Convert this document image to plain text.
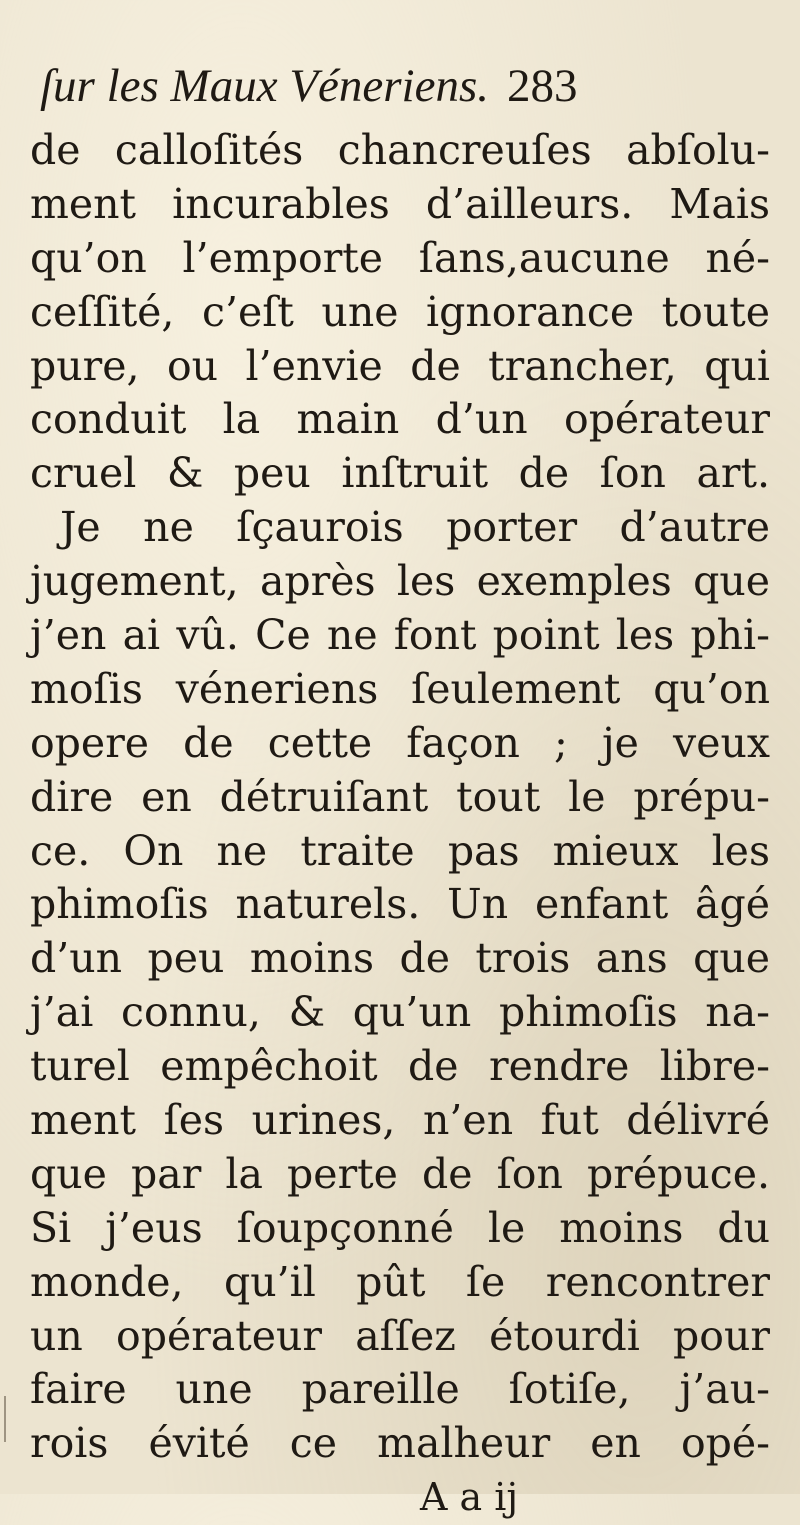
ſur les Maux Véneriens. 283
de calloſités chancreuſes abſolu-
ment incurables d’ailleurs. Mais
qu’on l’emporte ſans,aucune né-
ceſſité, c’eſt une ignorance toute
pure, ou l’envie de trancher, qui
conduit la main d’un opérateur
cruel & peu inſtruit de ſon art.
Je ne ſçaurois porter d’autre
jugement, après les exemples que
j’en ai vû. Ce ne font point les phi-
moſis véneriens ſeulement qu’on
opere de cette façon ; je veux
dire en détruiſant tout le prépu-
ce. On ne traite pas mieux les
phimoſis naturels. Un enfant âgé
d’un peu moins de trois ans que
j’ai connu, & qu’un phimoſis na-
turel empêchoit de rendre libre-
ment ſes urines, n’en fut délivré
que par la perte de ſon prépuce.
Si j’eus ſoupçonné le moins du
monde, qu’il pût ſe rencontrer
un opérateur aſſez étourdi pour
faire une pareille ſotiſe, j’au-
rois évité ce malheur en opé-
A a ij
